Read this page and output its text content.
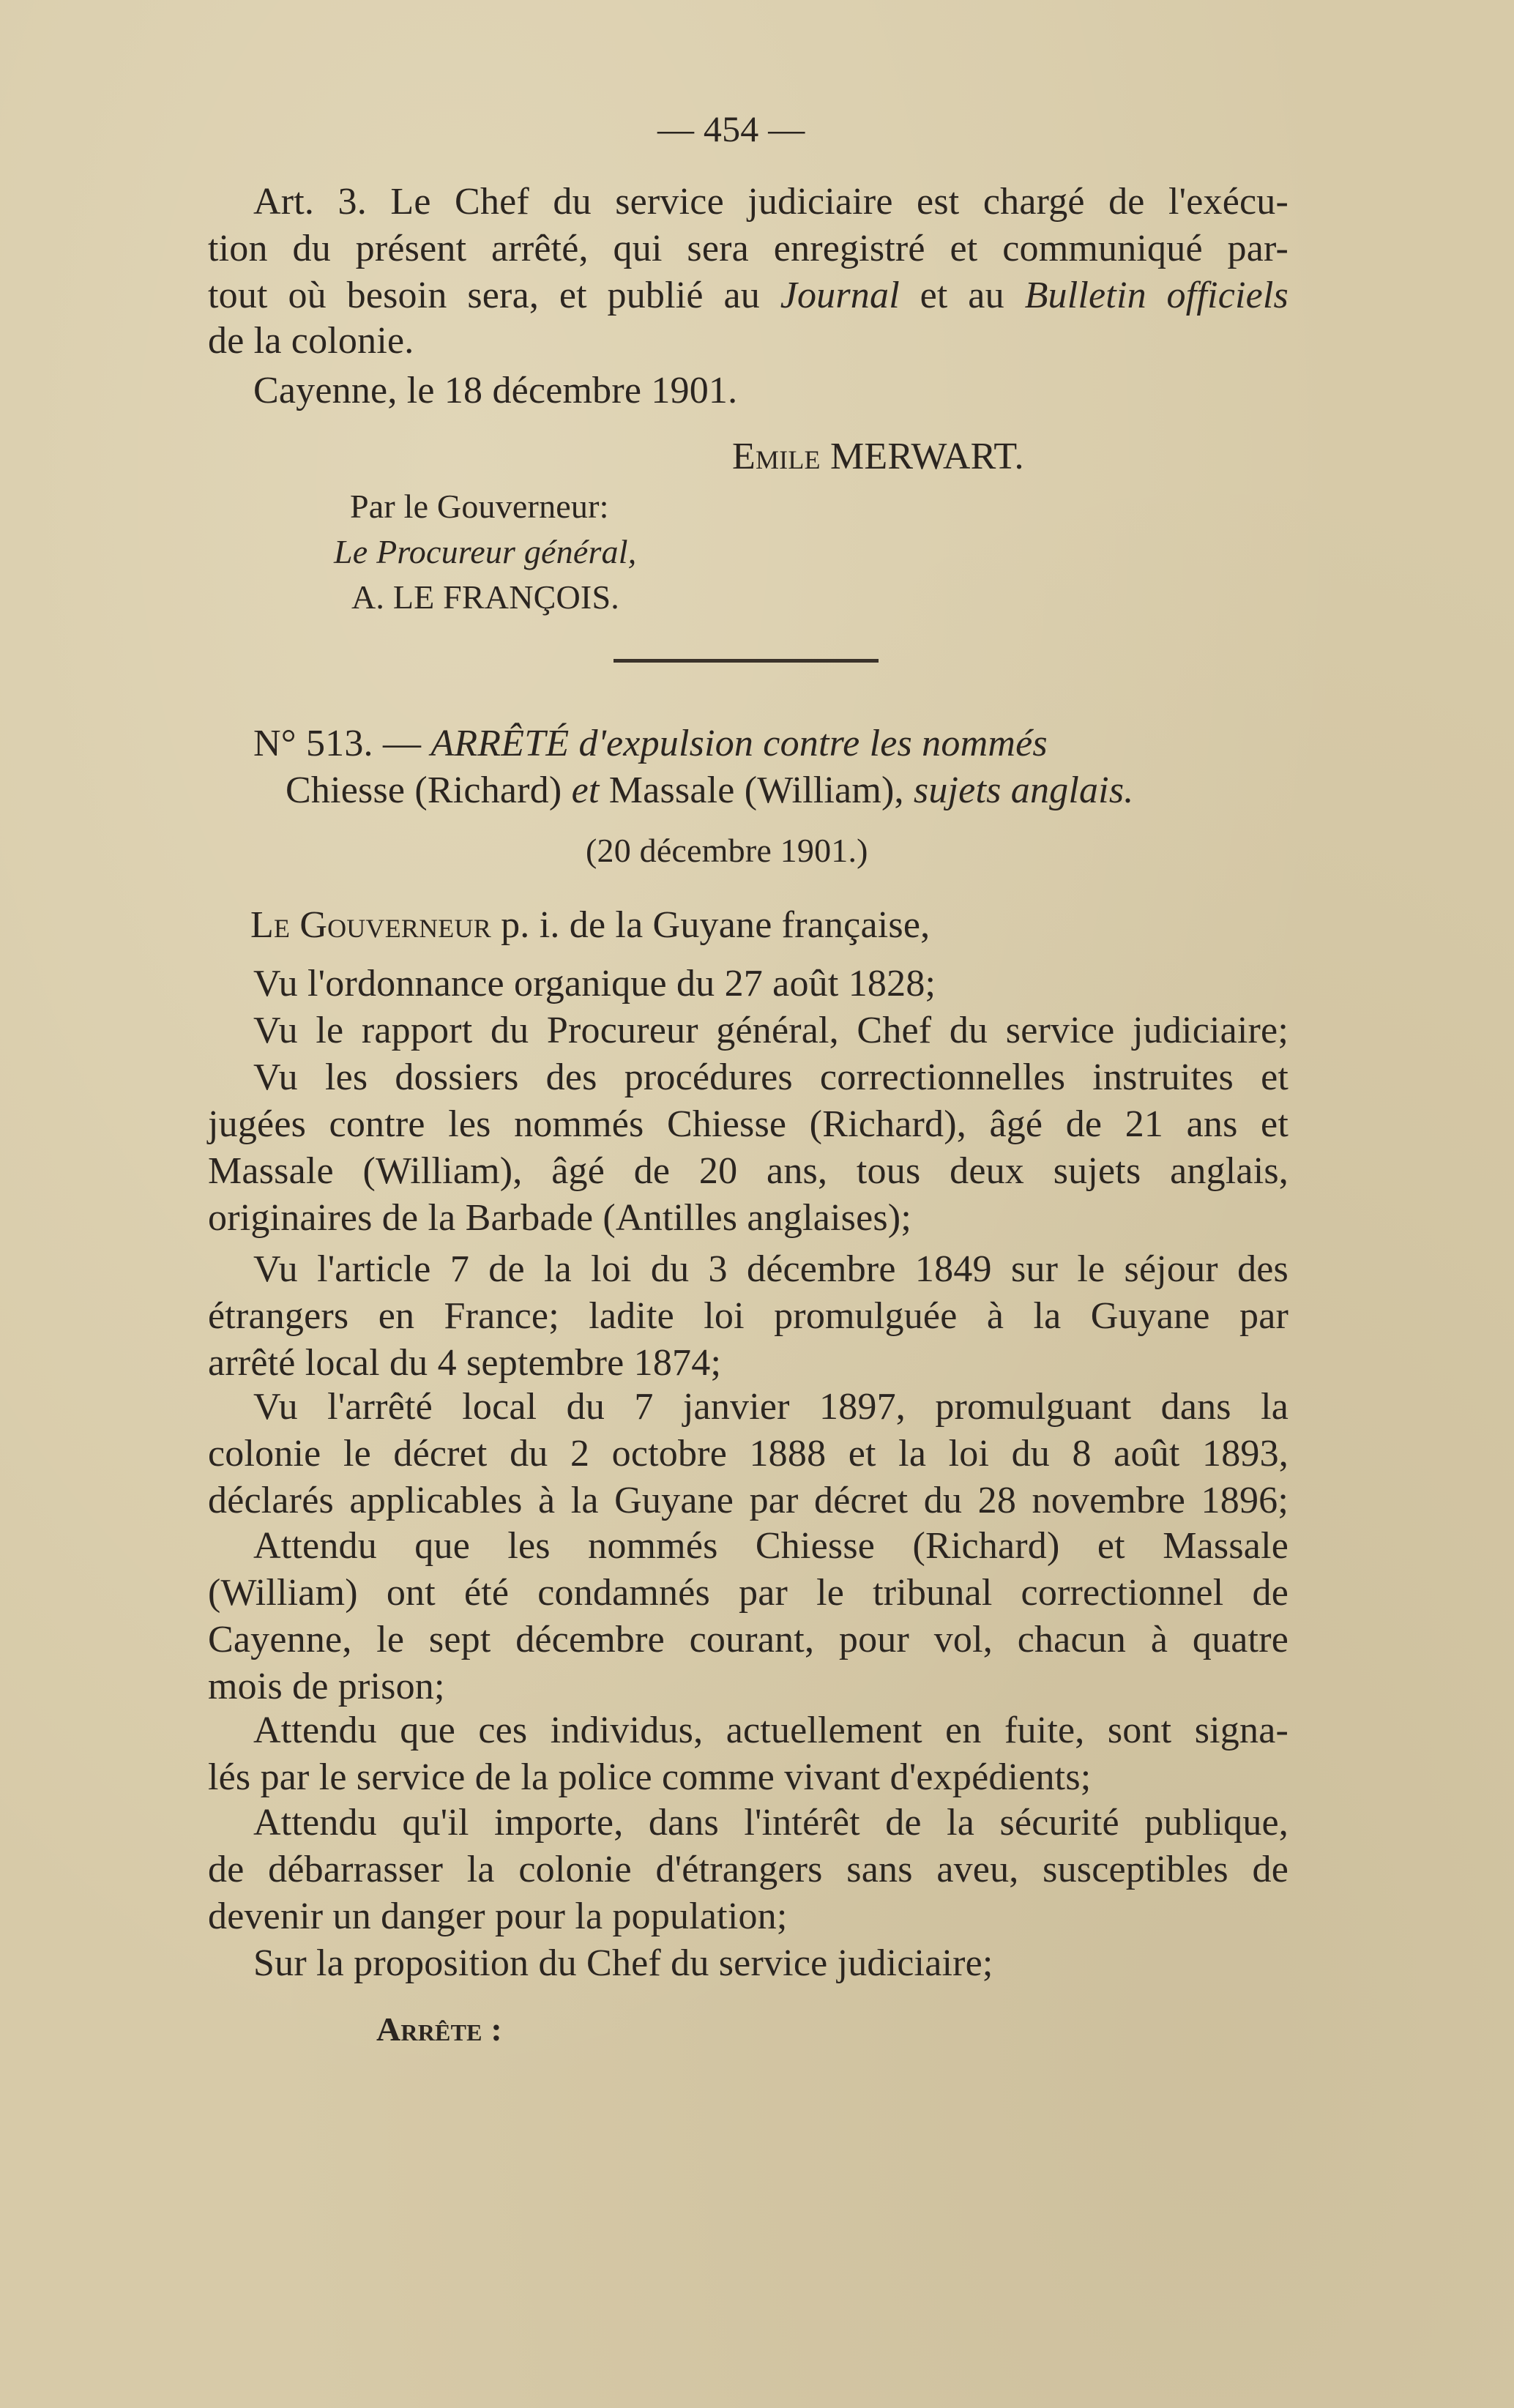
— 454 —
Art. 3. Le Chef du service judiciaire est chargé de l'exécu-
tion du présent arrêté, qui sera enregistré et communiqué par-
tout où besoin sera, et publié au Journal et au Bulletin officiels
de la colonie.
Cayenne, le 18 décembre 1901.
Emile MERWART.
Par le Gouverneur:
Le Procureur général,
A. LE FRANÇOIS.
N° 513. — ARRÊTÉ d'expulsion contre les nommés
Chiesse (Richard) et Massale (William), sujets anglais.
(20 décembre 1901.)
Le Gouverneur p. i. de la Guyane française,
Vu l'ordonnance organique du 27 août 1828;
Vu le rapport du Procureur général, Chef du service judiciaire;
Vu les dossiers des procédures correctionnelles instruites et
jugées contre les nommés Chiesse (Richard), âgé de 21 ans et
Massale (William), âgé de 20 ans, tous deux sujets anglais,
originaires de la Barbade (Antilles anglaises);
Vu l'article 7 de la loi du 3 décembre 1849 sur le séjour des
étrangers en France; ladite loi promulguée à la Guyane par
arrêté local du 4 septembre 1874;
Vu l'arrêté local du 7 janvier 1897, promulguant dans la
colonie le décret du 2 octobre 1888 et la loi du 8 août 1893,
déclarés applicables à la Guyane par décret du 28 novembre 1896;
Attendu que les nommés Chiesse (Richard) et Massale
(William) ont été condamnés par le tribunal correctionnel de
Cayenne, le sept décembre courant, pour vol, chacun à quatre
mois de prison;
Attendu que ces individus, actuellement en fuite, sont signa-
lés par le service de la police comme vivant d'expédients;
Attendu qu'il importe, dans l'intérêt de la sécurité publique,
de débarrasser la colonie d'étrangers sans aveu, susceptibles de
devenir un danger pour la population;
Sur la proposition du Chef du service judiciaire;
Arrête :
